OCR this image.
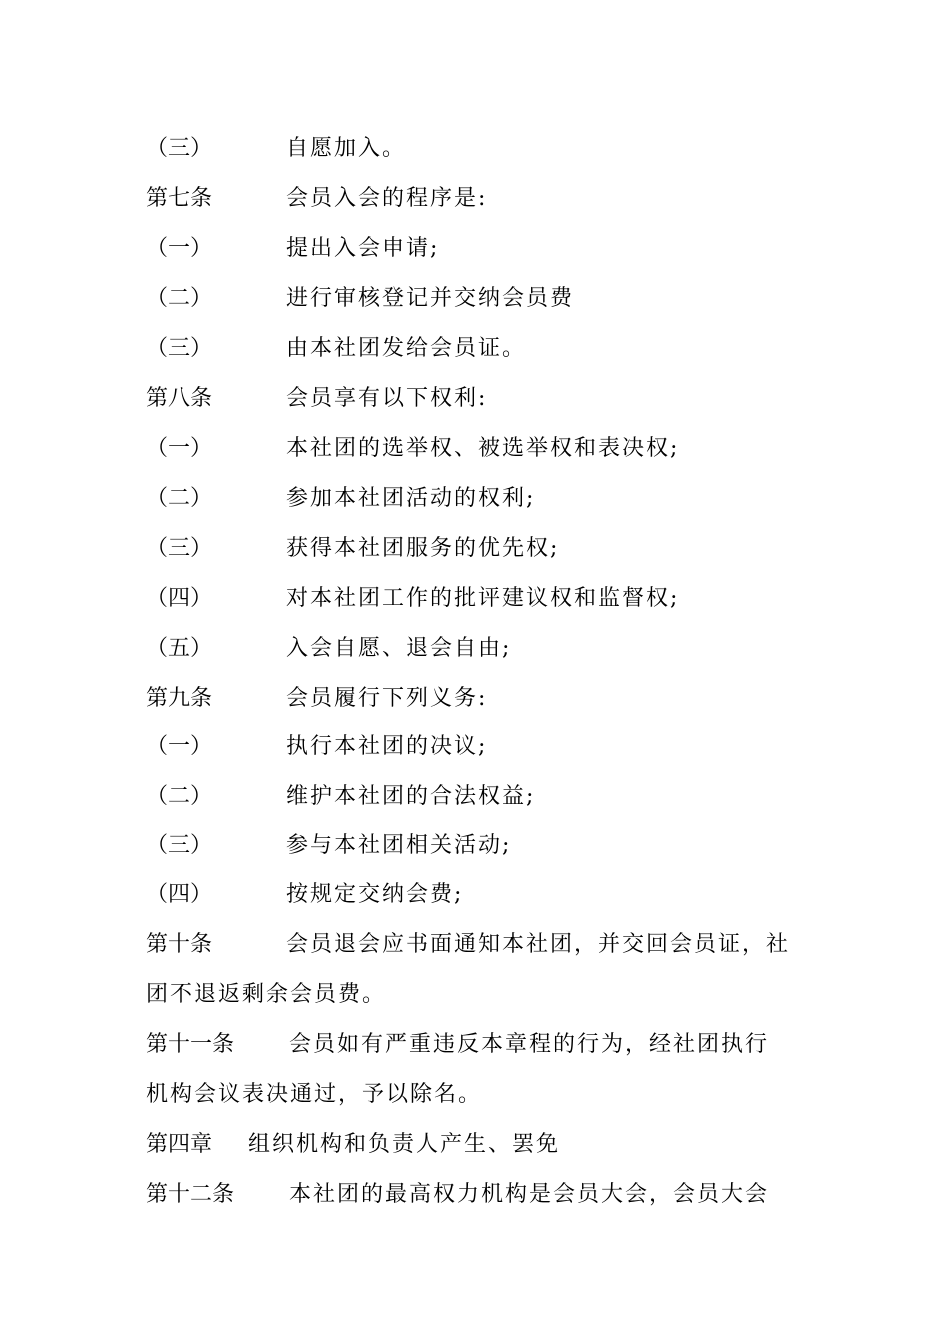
（三）	自愿加入。
第七条	会员入会的程序是:
（一）	提出入会申请;
（二）	进行审核登记并交纳会员费
（三）	由本社团发给会员证。
第八条	会员享有以下权利:
（一）	本社团的选举权、被选举权和表决权;
（二）	参加本社团活动的权利;
（三）	获得本社团服务的优先权;
（四）	对本社团工作的批评建议权和监督权;
（五）	入会自愿、退会自由;
第九条	会员履行下列义务:
（一）	执行本社团的决议;
（二）	维护本社团的合法权益;
（三）	参与本社团相关活动;
（四）	按规定交纳会费;
第十条	会员退会应书面通知本社团，并交回会员证，社
团不退返剩余会员费。
第十一条 会员如有严重违反本章程的行为，经社团执行
机构会议表决通过，予以除名。
第四章 组织机构和负责人产生、罢免
第十二条 本社团的最高权力机构是会员大会，会员大会
